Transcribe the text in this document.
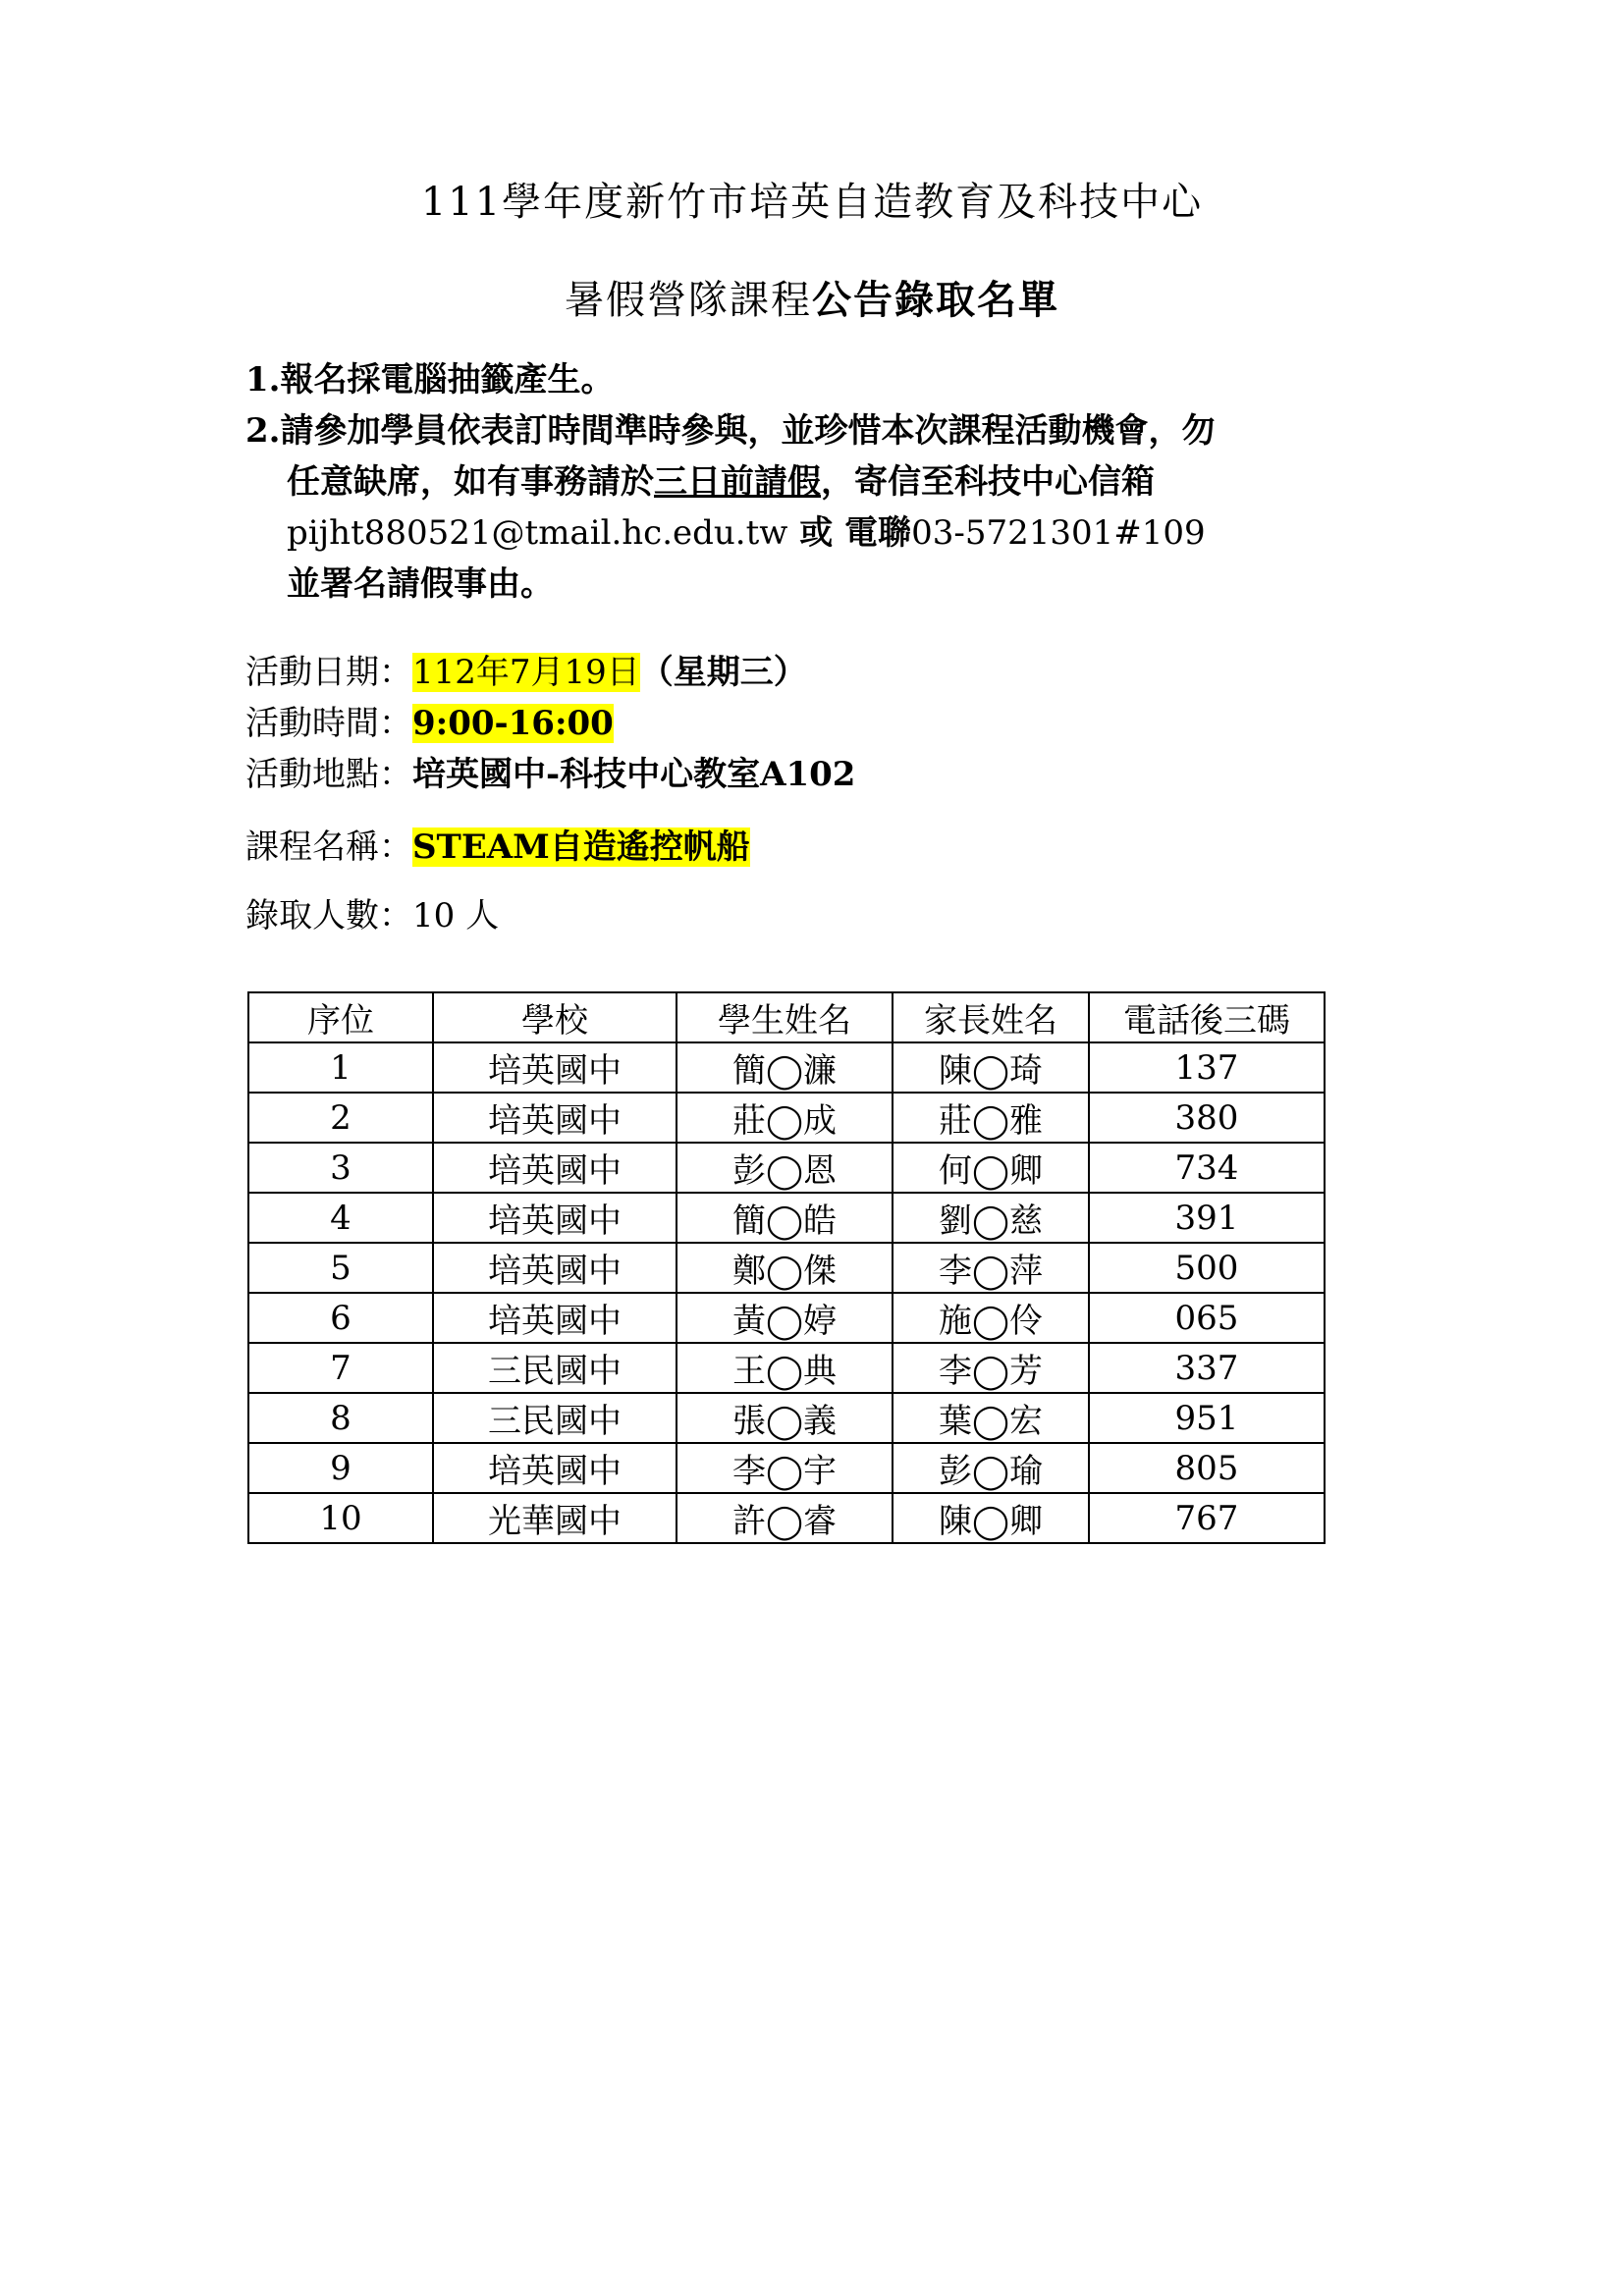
111學年度新竹市培英自造教育及科技中心
暑假營隊課程公告錄取名單
1.報名採電腦抽籤產生。
2.請參加學員依表訂時間準時參與，並珍惜本次課程活動機會，勿
任意缺席，如有事務請於三日前請假，寄信至科技中心信箱
pijht880521@tmail.hc.edu.tw 或 電聯03-5721301#109
並署名請假事由。
活動日期：112年7月19日（星期三）
活動時間：9:00-16:00
活動地點：培英國中-科技中心教室A102
課程名稱：STEAM自造遙控帆船
錄取人數：10 人
序位	學校	學生姓名	家長姓名	電話後三碼
1	培英國中	簡◯濂	陳◯琦	137
2	培英國中	莊◯成	莊◯雅	380
3	培英國中	彭◯恩	何◯卿	734
4	培英國中	簡◯皓	劉◯慈	391
5	培英國中	鄭◯傑	李◯萍	500
6	培英國中	黃◯婷	施◯伶	065
7	三民國中	王◯典	李◯芳	337
8	三民國中	張◯義	葉◯宏	951
9	培英國中	李◯宇	彭◯瑜	805
10	光華國中	許◯睿	陳◯卿	767
